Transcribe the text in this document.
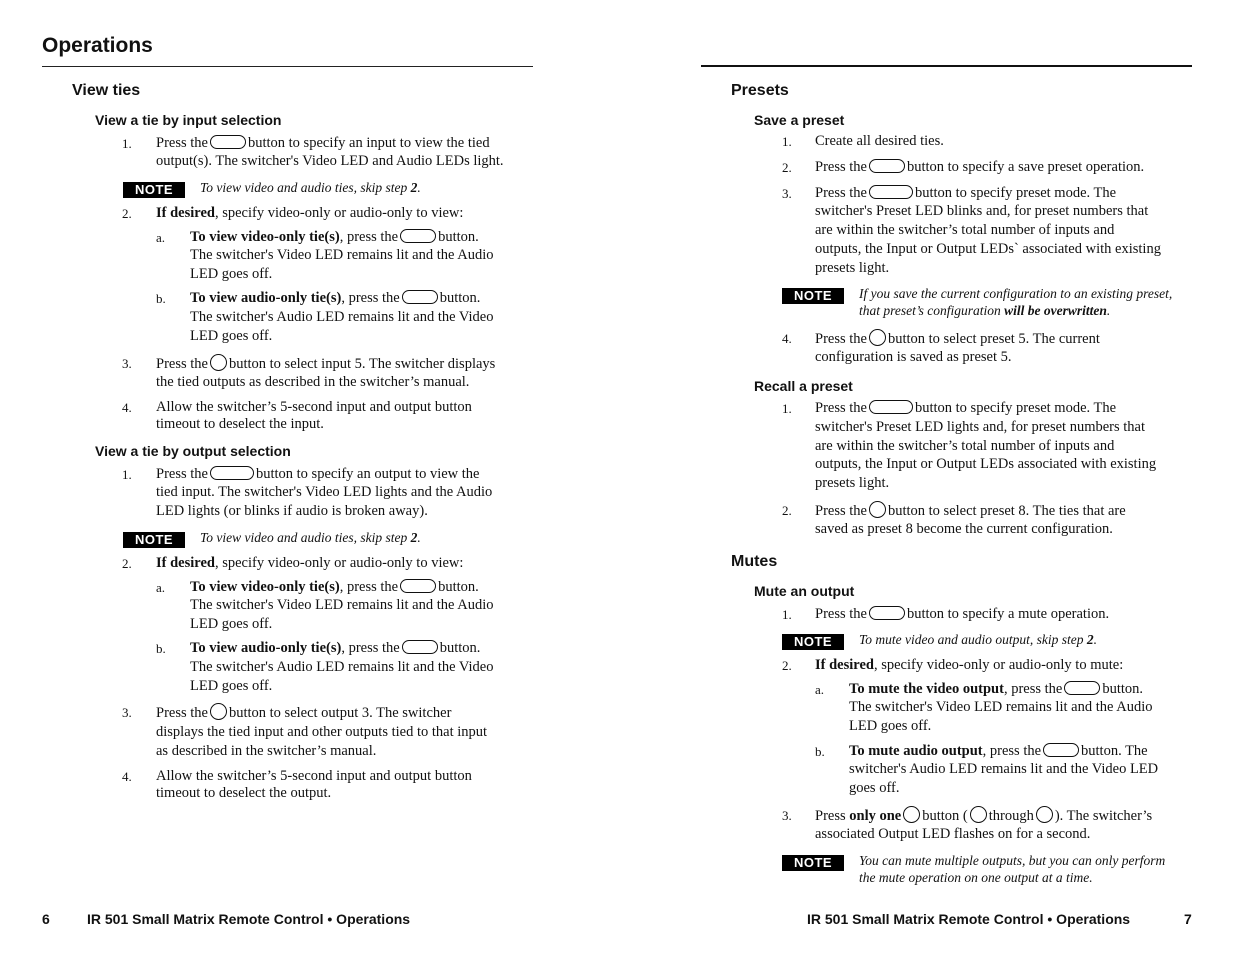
Operations
View ties
View a tie by input selection
1.	Press the	button to specify an input to view the tied
output(s). The switcher's Video LED and Audio LEDs light.
NOTE	To view video and audio ties, skip step 2.
2.	If desired, specify video-only or audio-only to view:
a.	To view video-only tie(s), press the	button.
The switcher's Video LED remains lit and the Audio
LED goes off.
b.	To view audio-only tie(s), press the	button.
The switcher's Audio LED remains lit and the Video
LED goes off.
3.	Press the button to select input 5. The switcher displays
the tied outputs as described in the switcher’s manual.
4.	Allow the switcher’s 5-second input and output button
timeout to deselect the input.
View a tie by output selection
1.	Press the	button to specify an output to view the
tied input. The switcher's Video LED lights and the Audio
LED lights (or blinks if audio is broken away).
NOTE	To view video and audio ties, skip step 2.
2.	If desired, specify video-only or audio-only to view:
a.	To view video-only tie(s), press the	button.
The switcher's Video LED remains lit and the Audio
LED goes off.
b.	To view audio-only tie(s), press the	button.
The switcher's Audio LED remains lit and the Video
LED goes off.
3.	Press the button to select output 3. The switcher
displays the tied input and other outputs tied to that input
as described in the switcher’s manual.
4.	Allow the switcher’s 5-second input and output button
timeout to deselect the output.
6	IR 501 Small Matrix Remote Control • Operations
Presets
Save a preset
1.	Create all desired ties.
2.	Press the	button to specify a save preset operation.
3.	Press the	button to specify preset mode. The
switcher's Preset LED blinks and, for preset numbers that
are within the switcher’s total number of inputs and
outputs, the Input or Output LEDs` associated with existing
presets light.
NOTE	If you save the current configuration to an existing preset,
that preset’s configuration will be overwritten.
4.	Press the button to select preset 5. The current
configuration is saved as preset 5.
Recall a preset
1.	Press the	button to specify preset mode. The
switcher's Preset LED lights and, for preset numbers that
are within the switcher’s total number of inputs and
outputs, the Input or Output LEDs associated with existing
presets light.
2.	Press the button to select preset 8. The ties that are
saved as preset 8 become the current configuration.
Mutes
Mute an output
1.	Press the	button to specify a mute operation.
NOTE	To mute video and audio output, skip step 2.
2.	If desired, specify video-only or audio-only to mute:
a.	To mute the video output, press the	button.
The switcher's Video LED remains lit and the Audio
LED goes off.
b.	To mute audio output, press the	button. The
switcher's Audio LED remains lit and the Video LED
goes off.
3.	Press only one button ( through ). The switcher’s
associated Output LED flashes on for a second.
NOTE	You can mute multiple outputs, but you can only perform
the mute operation on one output at a time.
IR 501 Small Matrix Remote Control • Operations	7
